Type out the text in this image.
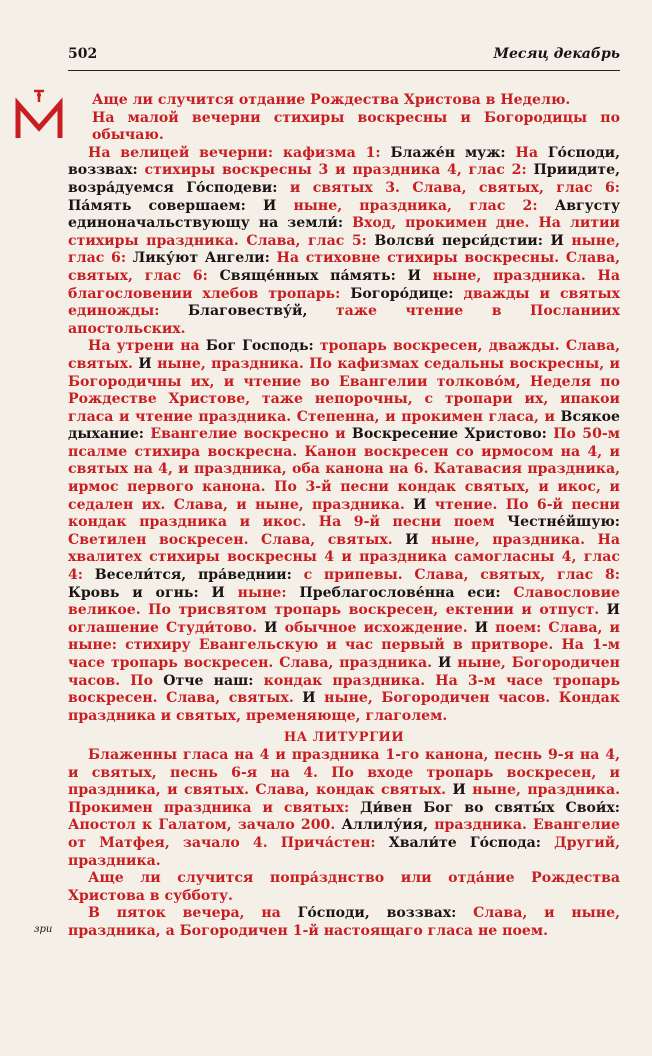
502	Месяц декабрь
зри

Аще ли случится отдание Рождества Христова в Неделю.

На малой вечерни стихиры воскресны и Богородицы по обычаю.

На велицей вечерни: кафизма 1: Блаже́н муж: На Го́споди, воззвах: стихиры воскресны 3 и праздника 4, глас 2: Приидите, возра́дуемся Го́сподеви: и святых 3. Слава, святых, глас 6: Па́мять совершаем: И ныне, праздника, глас 2: Августу единоначальствующу на земли́: Вход, прокимен дне. На литии стихиры праздника. Слава, глас 5: Волсви́ перси́дстии: И ныне, глас 6: Лику́ют Ангели: На стиховне стихиры воскресны. Слава, святых, глас 6: Свяще́нных па́мять: И ныне, праздника. На благословении хлебов тропарь: Богоро́дице: дважды и святых единожды: Благовеству́й, таже чтение в Посланиих апостольских.

На утрени на Бог Господь: тропарь воскресен, дважды. Слава, святых. И ныне, праздника. По кафизмах седальны воскресны, и Богородичны их, и чтение во Евангелии толково́м, Неделя по Рождестве Христове, таже непорочны, с тропари их, ипакои гласа и чтение праздника. Степенна, и прокимен гласа, и Всякое дыхание: Евангелие воскресно и Воскресение Христово: По 50-м псалме стихира воскресна. Канон воскресен со ирмосом на 4, и святых на 4, и праздника, оба канона на 6. Катавасия праздника, ирмос первого канона. По 3-й песни кондак святых, и икос, и седален их. Слава, и ныне, праздника. И чтение. По 6-й песни кондак праздника и икос. На 9-й песни поем Честне́йшую: Светилен воскресен. Слава, святых. И ныне, праздника. На хвалитех стихиры воскресны 4 и праздника самогласны 4, глас 4: Весели́тся, пра́веднии: с припевы. Слава, святых, глас 8: Кровь и огнь: И ныне: Преблагослове́нна еси: Славословие великое. По трисвятом тропарь воскресен, ектении и отпуст. И оглашение Студи́тово. И обычное исхождение. И поем: Слава, и ныне: стихиру Евангельскую и час первый в притворе. На 1-м часе тропарь воскресен. Слава, праздника. И ныне, Богородичен часов. По Отче наш: кондак праздника. На 3-м часе тропарь воскресен. Слава, святых. И ныне, Богородичен часов. Кондак праздника и святых, пременяюще, глаголем.

НА ЛИТУРГИИ

Блаженны гласа на 4 и праздника 1-го канона, песнь 9-я на 4, и святых, песнь 6-я на 4. По входе тропарь воскресен, и праздника, и святых. Слава, кондак святых. И ныне, праздника. Прокимен праздника и святых: Ди́вен Бог во святы́х Свои́х: Апостол к Галатом, зачало 200. Аллилу́ия, праздника. Евангелие от Матфея, зачало 4. Прича́стен: Хвали́те Го́спода: Другий, праздника.

Аще ли случится попра́зднство или отда́ние Рождества Христова в субботу.

В пяток вечера, на Го́споди, воззвах: Слава, и ныне, праздника, а Богородичен 1-й настоящаго гласа не поем.
